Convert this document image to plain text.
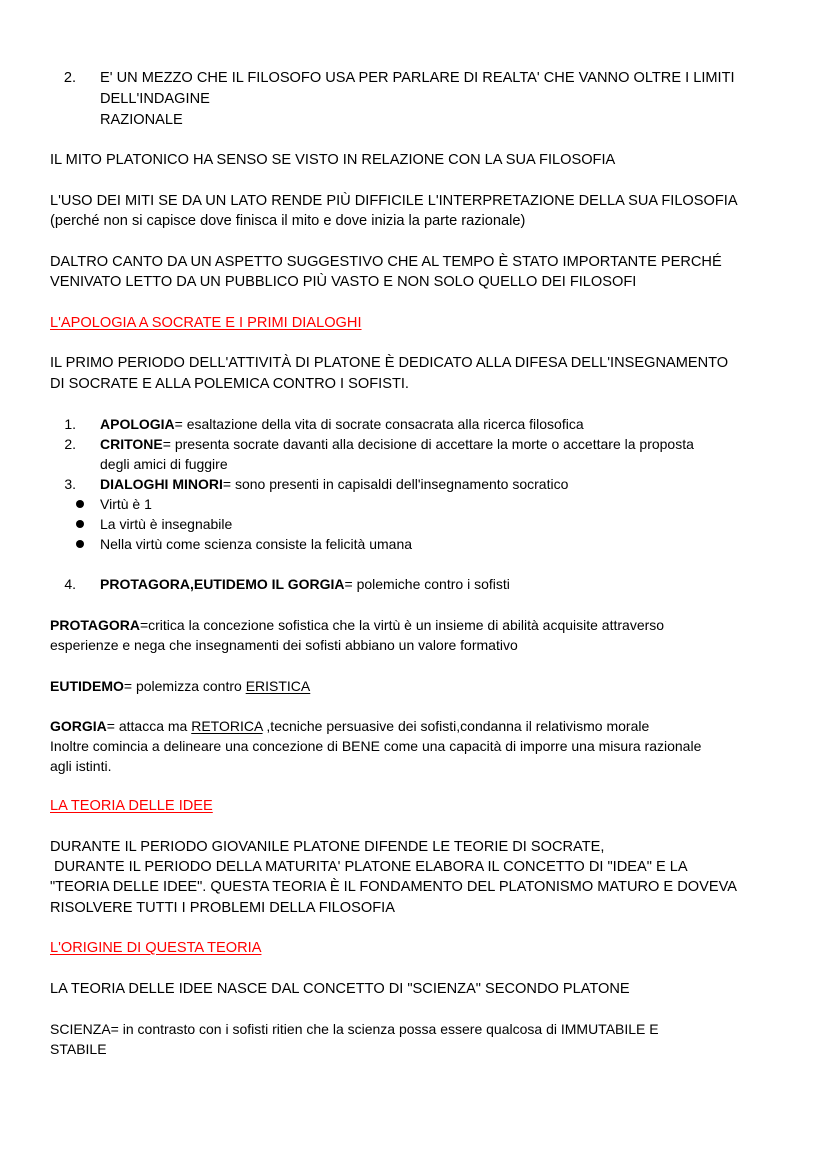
2. E' UN MEZZO CHE IL FILOSOFO USA PER PARLARE DI REALTA' CHE VANNO OLTRE I LIMITI
DELL'INDAGINE
RAZIONALE
IL MITO PLATONICO HA SENSO SE VISTO IN RELAZIONE CON LA SUA FILOSOFIA
L'USO DEI MITI SE DA UN LATO RENDE PIÙ DIFFICILE L'INTERPRETAZIONE DELLA SUA FILOSOFIA
(perché non si capisce dove finisca il mito e dove inizia la parte razionale)
DALTRO CANTO DA UN ASPETTO SUGGESTIVO CHE AL TEMPO È STATO IMPORTANTE PERCHÉ
VENIVATO LETTO DA UN PUBBLICO PIÙ VASTO E NON SOLO QUELLO DEI FILOSOFI
L'APOLOGIA A SOCRATE E I PRIMI DIALOGHI
IL PRIMO PERIODO DELL'ATTIVITÀ DI PLATONE È DEDICATO ALLA DIFESA DELL'INSEGNAMENTO
DI SOCRATE E ALLA POLEMICA CONTRO I SOFISTI.
1. APOLOGIA= esaltazione della vita di socrate consacrata alla ricerca filosofica
2. CRITONE= presenta socrate davanti alla decisione di accettare la morte o accettare la proposta
degli amici di fuggire
3. DIALOGHI MINORI= sono presenti in capisaldi dell'insegnamento socratico
Virtù è 1
La virtù è insegnabile
Nella virtù come scienza consiste la felicità umana
4. PROTAGORA,EUTIDEMO IL GORGIA= polemiche contro i sofisti
PROTAGORA=critica la concezione sofistica che la virtù è un insieme di abilità acquisite attraverso
esperienze e nega che insegnamenti dei sofisti abbiano un valore formativo
EUTIDEMO= polemizza contro ERISTICA
GORGIA= attacca ma RETORICA ,tecniche persuasive dei sofisti,condanna il relativismo morale
Inoltre comincia a delineare una concezione di BENE come una capacità di imporre una misura razionale
agli istinti.
LA TEORIA DELLE IDEE
DURANTE IL PERIODO GIOVANILE PLATONE DIFENDE LE TEORIE DI SOCRATE,
DURANTE IL PERIODO DELLA MATURITA' PLATONE ELABORA IL CONCETTO DI "IDEA" E LA
"TEORIA DELLE IDEE". QUESTA TEORIA È IL FONDAMENTO DEL PLATONISMO MATURO E DOVEVA
RISOLVERE TUTTI I PROBLEMI DELLA FILOSOFIA
L'ORIGINE DI QUESTA TEORIA
LA TEORIA DELLE IDEE NASCE DAL CONCETTO DI "SCIENZA" SECONDO PLATONE
SCIENZA= in contrasto con i sofisti ritien che la scienza possa essere qualcosa di IMMUTABILE E
STABILE
